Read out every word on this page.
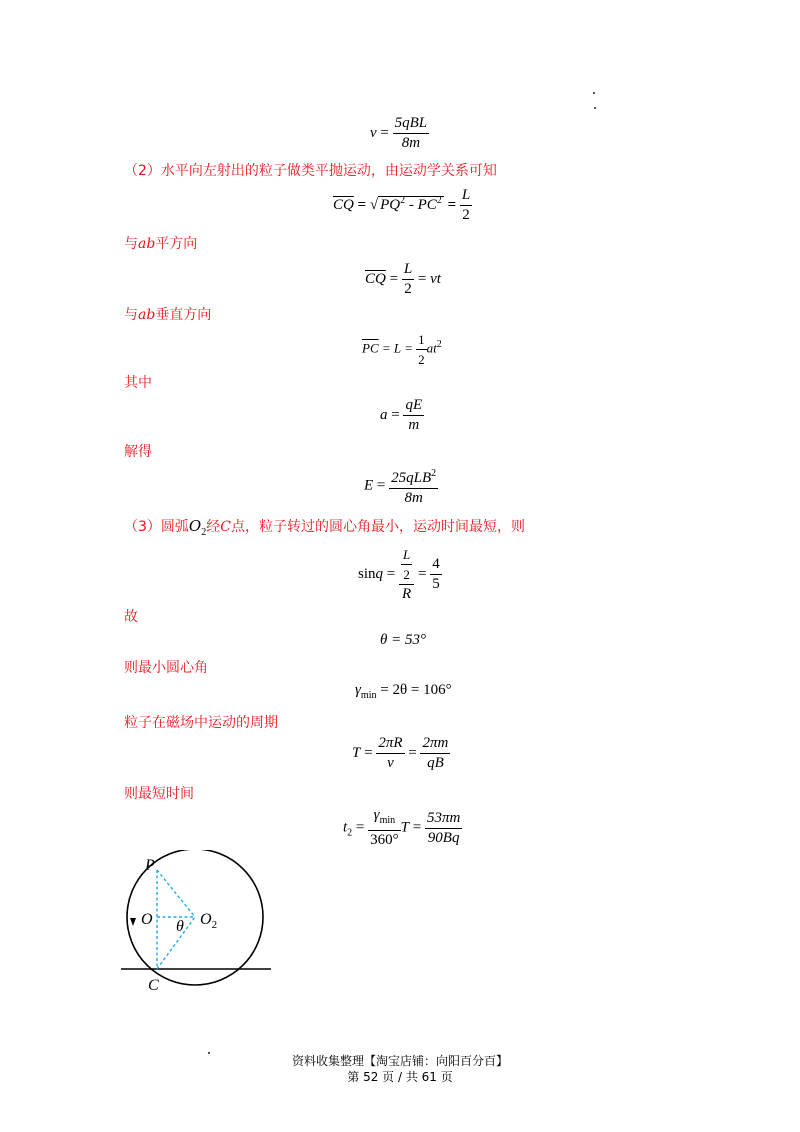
$v = \frac{\text{5qBL}}{8m}$
（2）水平向左射出的粒子做类平抛运动，由运动学关系可知
$\overline{CQ}$ = √ $PQ^2 - PC^2 = \frac{L}{2}$
与ab平方向
$\overline{CQ} = \frac{L}{2}$ = vt
与ab垂直方向
$\overline{PC} = L = \frac{1}{2} at^2$
其中
$a = \frac{qE}{m}$
解得
$E = \frac{25qLB^2}{8m}$
（3）圆弧$O_2$经C点，粒子转过的圆心角最小，运动时间最短，则
$\sin q = \frac{\frac{L}{2}}{R} = \frac{4}{5}$
故
θ = 53°
则最小圆心角
$\gamma_{min} = 2\theta = 106^\circ$
粒子在磁场中运动的周期
$T = \frac{2\pi R}{v} = \frac{2\pi m}{qB}$
则最短时间
$t_2 = \frac{\gamma_{min}}{360^\circ}$ $T = \frac{53\pi m}{90Bq}$
P
O θ $O_2$
C
资料收集整理【淘宝店铺：向阳百分百】
第 52 页 / 共 61 页
